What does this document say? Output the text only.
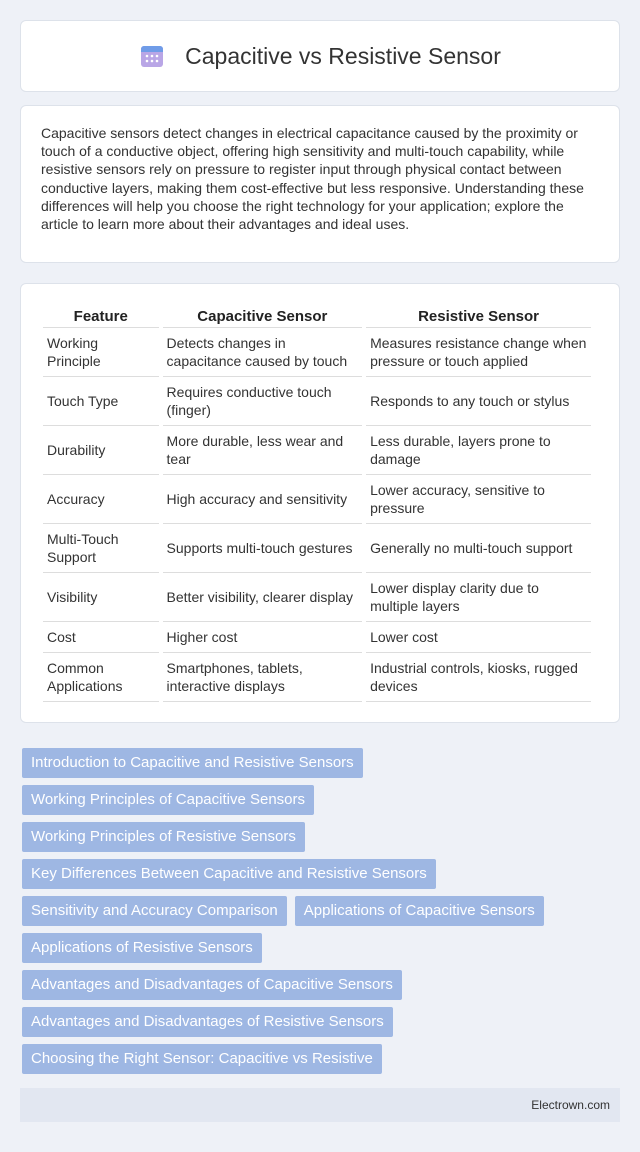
Capacitive vs Resistive Sensor

Capacitive sensors detect changes in electrical capacitance caused by the proximity or touch of a conductive object, offering high sensitivity and multi-touch capability, while resistive sensors rely on pressure to register input through physical contact between conductive layers, making them cost-effective but less responsive. Understanding these differences will help you choose the right technology for your application; explore the article to learn more about their advantages and ideal uses.

Feature	Capacitive Sensor	Resistive Sensor
Working Principle	Detects changes in capacitance caused by touch	Measures resistance change when pressure or touch applied
Touch Type	Requires conductive touch (finger)	Responds to any touch or stylus
Durability	More durable, less wear and tear	Less durable, layers prone to damage
Accuracy	High accuracy and sensitivity	Lower accuracy, sensitive to pressure
Multi-Touch Support	Supports multi-touch gestures	Generally no multi-touch support
Visibility	Better visibility, clearer display	Lower display clarity due to multiple layers
Cost	Higher cost	Lower cost
Common Applications	Smartphones, tablets, interactive displays	Industrial controls, kiosks, rugged devices
Introduction to Capacitive and Resistive Sensors
Working Principles of Capacitive Sensors
Working Principles of Resistive Sensors
Key Differences Between Capacitive and Resistive Sensors
Sensitivity and Accuracy Comparison	Applications of Capacitive Sensors
Applications of Resistive Sensors
Advantages and Disadvantages of Capacitive Sensors
Advantages and Disadvantages of Resistive Sensors
Choosing the Right Sensor: Capacitive vs Resistive
Electrown.com
